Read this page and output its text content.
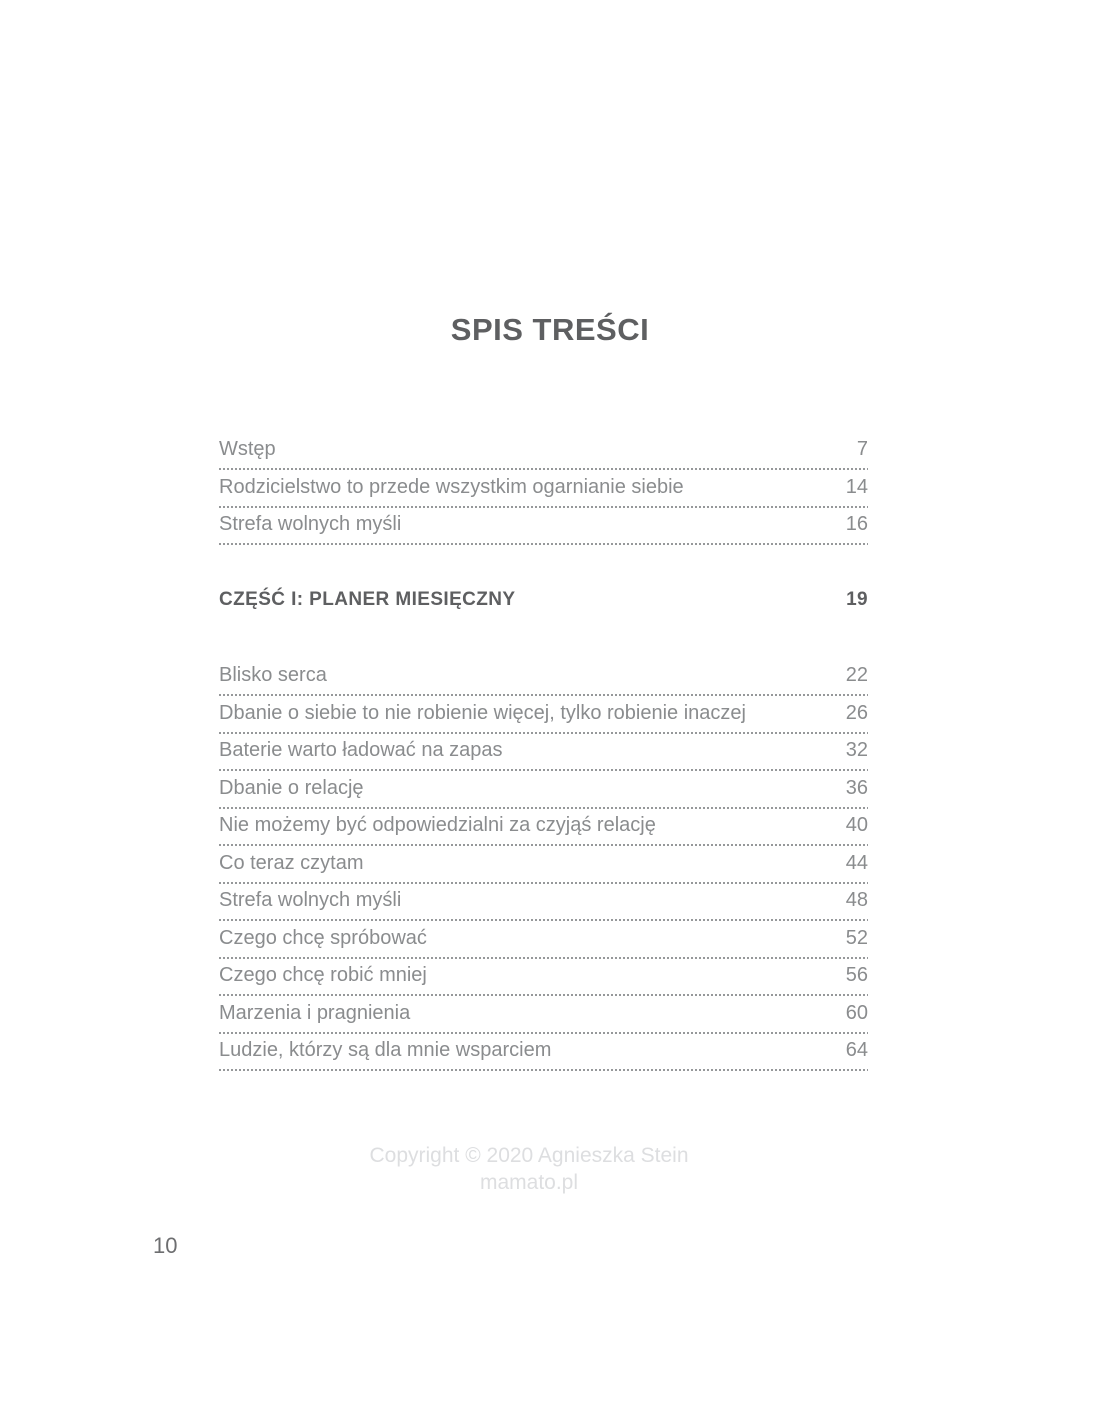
SPIS TREŚCI
Wstęp	7
Rodzicielstwo to przede wszystkim ogarnianie siebie	14
Strefa wolnych myśli	16
CZĘŚĆ I: PLANER MIESIĘCZNY	19
Blisko serca	22
Dbanie o siebie to nie robienie więcej, tylko robienie inaczej	26
Baterie warto ładować na zapas	32
Dbanie o relację	36
Nie możemy być odpowiedzialni za czyjąś relację	40
Co teraz czytam	44
Strefa wolnych myśli	48
Czego chcę spróbować	52
Czego chcę robić mniej	56
Marzenia i pragnienia	60
Ludzie, którzy są dla mnie wsparciem	64
Copyright © 2020 Agnieszka Stein
mamato.pl
10
